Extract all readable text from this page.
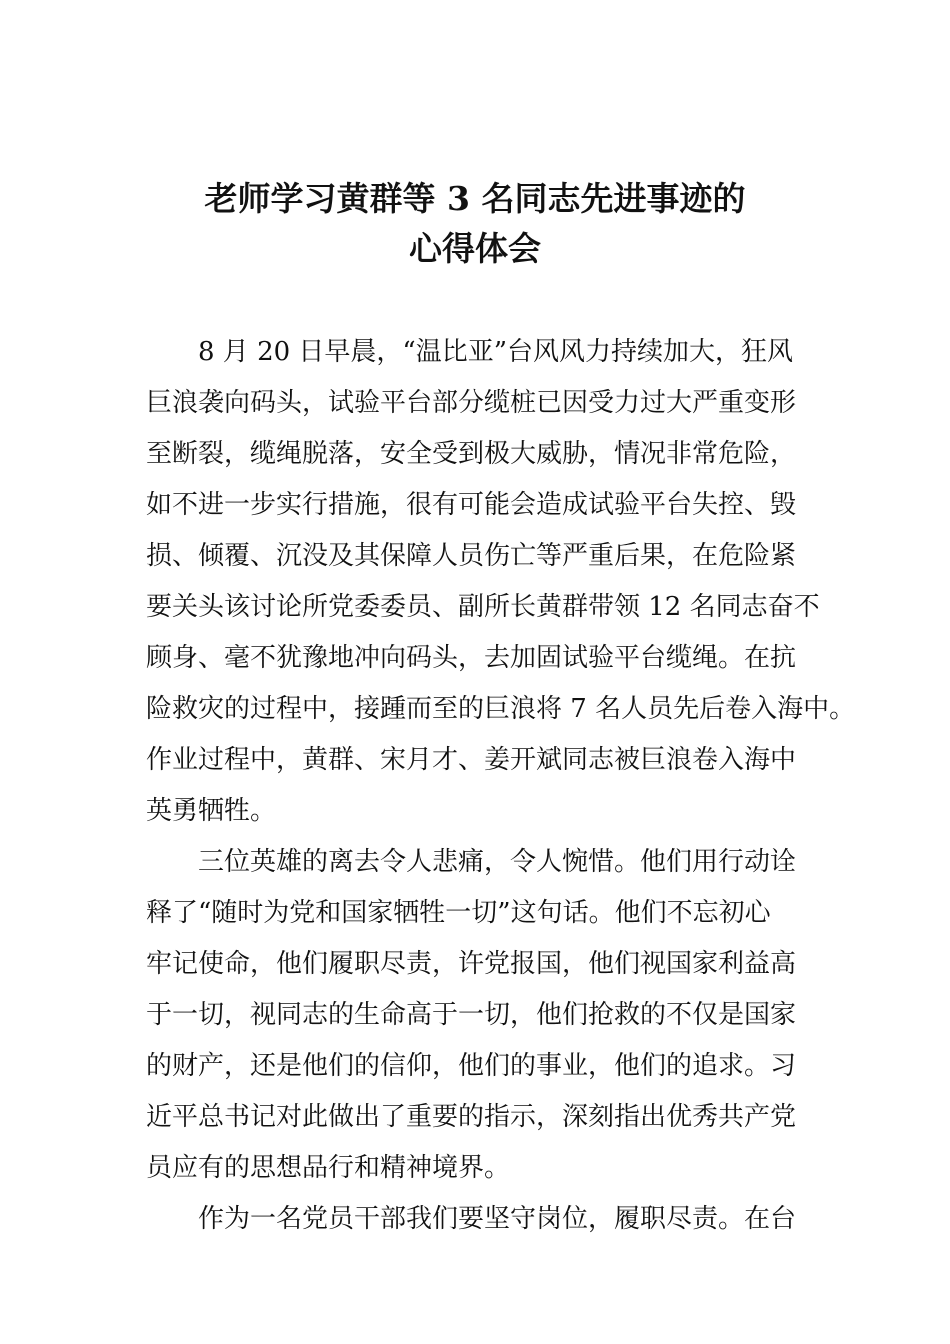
老师学习黄群等 3 名同志先进事迹的
心得体会

　　8 月 20 日早晨，“温比亚”台风风力持续加大，狂风

巨浪袭向码头，试验平台部分缆桩已因受力过大严重变形

至断裂，缆绳脱落，安全受到极大威胁，情况非常危险，

如不进一步实行措施，很有可能会造成试验平台失控、毁

损、倾覆、沉没及其保障人员伤亡等严重后果，在危险紧

要关头该讨论所党委委员、副所长黄群带领 12 名同志奋不

顾身、毫不犹豫地冲向码头，去加固试验平台缆绳。在抗

险救灾的过程中，接踵而至的巨浪将 7 名人员先后卷入海中。

作业过程中，黄群、宋月才、姜开斌同志被巨浪卷入海中

英勇牺牲。

　　三位英雄的离去令人悲痛，令人惋惜。他们用行动诠

释了“随时为党和国家牺牲一切”这句话。他们不忘初心

牢记使命，他们履职尽责，许党报国，他们视国家利益高

于一切，视同志的生命高于一切，他们抢救的不仅是国家

的财产，还是他们的信仰，他们的事业，他们的追求。习

近平总书记对此做出了重要的指示，深刻指出优秀共产党

员应有的思想品行和精神境界。

　　作为一名党员干部我们要坚守岗位，履职尽责。在台
